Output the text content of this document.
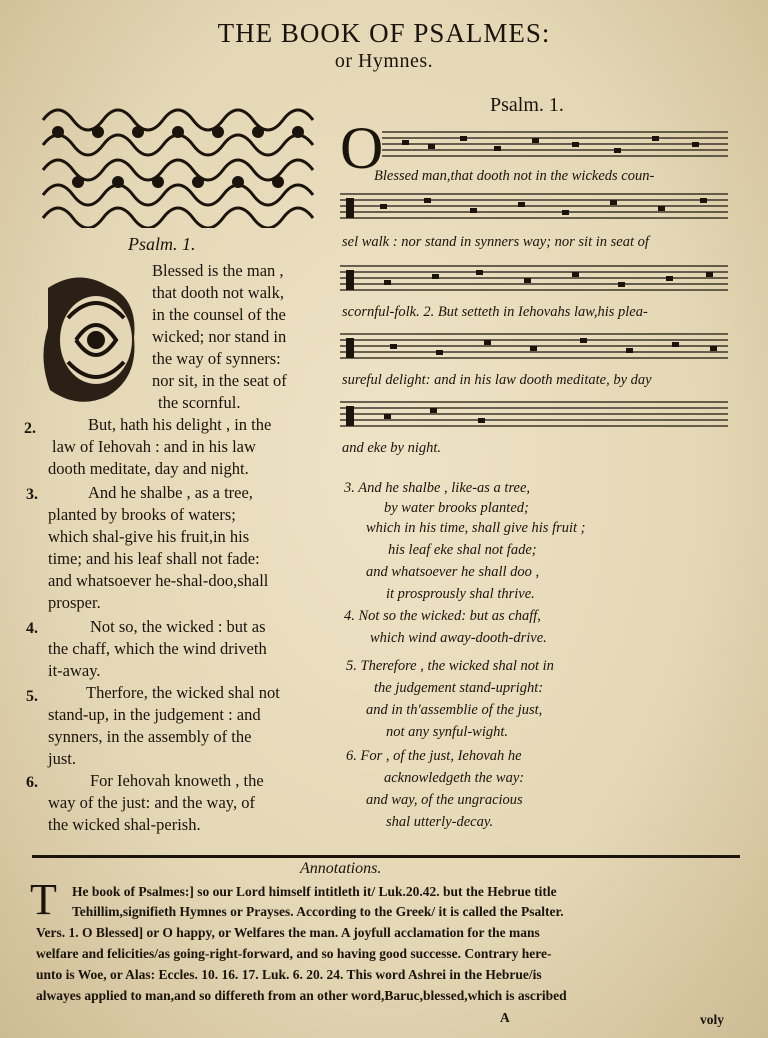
THE BOOK OF PSALMES:
or Hymnes.
Psalm. 1.
Blessed is the man ,
that dooth not walk,
in the counsel of the
wicked; nor stand in
the way of synners:
nor sit, in the seat of
the scornful.
2.	But, hath his delight , in the
law of Iehovah : and in his law
dooth meditate, day and night.
3.	And he shalbe , as a tree,
planted by brooks of waters;
which shal-give his fruit,in his
time; and his leaf shall not fade:
and whatsoever he-shal-doo,shall
prosper.
4.	Not so, the wicked : but as
the chaff, which the wind driveth
it-away.
5.	Therfore, the wicked shal not
stand-up, in the judgement : and
synners, in the assembly of the
just.
6.	For Iehovah knoweth , the
way of the just: and the way, of
the wicked shal-perish.
Psalm. 1.
O
Blessed man,that dooth not in the wickeds coun-
sel walk : nor stand in synners way; nor sit in seat of
scornful-folk. 2. But setteth in Iehovahs law,his plea-
sureful delight: and in his law dooth meditate, by day
and eke by night.
3. And he shalbe , like-as a tree,
by water brooks planted;
which in his time, shall give his fruit ;
his leaf eke shal not fade;
and whatsoever he shall doo ,
it prosprously shal thrive.
4. Not so the wicked: but as chaff,
which wind away-dooth-drive.
5. Therefore , the wicked shal not in
the judgement stand-upright:
and in th'assemblie of the just,
not any synful-wight.
6. For , of the just, Iehovah he
acknowledgeth the way:
and way, of the ungracious
shal utterly-decay.
Annotations.
T He book of Psalmes:] so our Lord himself intitleth it/ Luk.20.42. but the Hebrue title
Tehillim,signifieth Hymnes or Prayses. According to the Greek/ it is called the Psalter.
Vers. 1. O Blessed] or O happy, or Welfares the man. A joyfull acclamation for the mans
welfare and felicities/as going-right-forward, and so having good successe. Contrary here-
unto is Woe, or Alas: Eccles. 10. 16. 17. Luk. 6. 20. 24. This word Ashrei in the Hebrue/is
alwayes applied to man,and so differeth from an other word,Baruc,blessed,which is ascribed
A	voly
